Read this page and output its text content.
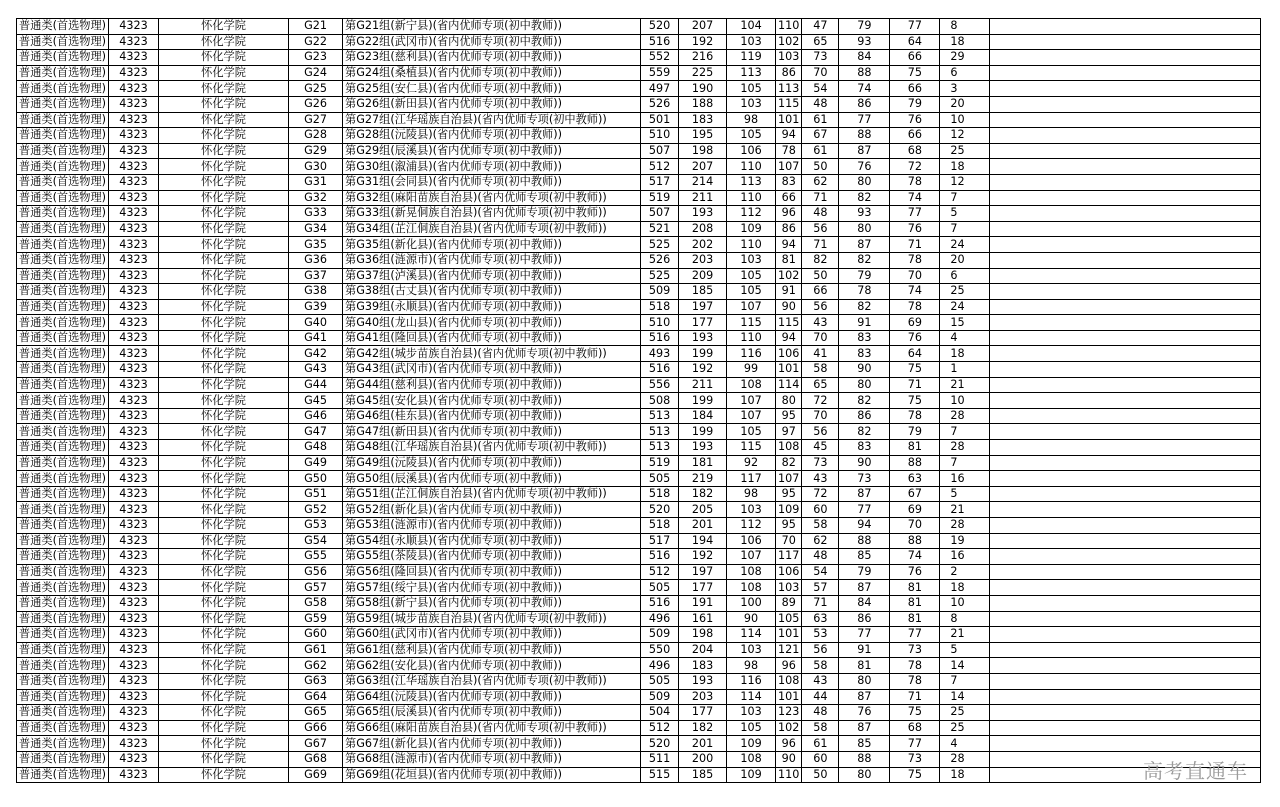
普通类(首选物理)	4323	怀化学院	G21	第G21组(新宁县)(省内优师专项(初中教师))	520	207	104	110	47	79	77	8	
普通类(首选物理)	4323	怀化学院	G22	第G22组(武冈市)(省内优师专项(初中教师))	516	192	103	102	65	93	64	18	
普通类(首选物理)	4323	怀化学院	G23	第G23组(慈利县)(省内优师专项(初中教师))	552	216	119	103	73	84	66	29	
普通类(首选物理)	4323	怀化学院	G24	第G24组(桑植县)(省内优师专项(初中教师))	559	225	113	86	70	88	75	6	
普通类(首选物理)	4323	怀化学院	G25	第G25组(安仁县)(省内优师专项(初中教师))	497	190	105	113	54	74	66	3	
普通类(首选物理)	4323	怀化学院	G26	第G26组(新田县)(省内优师专项(初中教师))	526	188	103	115	48	86	79	20	
普通类(首选物理)	4323	怀化学院	G27	第G27组(江华瑶族自治县)(省内优师专项(初中教师))	501	183	98	101	61	77	76	10	
普通类(首选物理)	4323	怀化学院	G28	第G28组(沅陵县)(省内优师专项(初中教师))	510	195	105	94	67	88	66	12	
普通类(首选物理)	4323	怀化学院	G29	第G29组(辰溪县)(省内优师专项(初中教师))	507	198	106	78	61	87	68	25	
普通类(首选物理)	4323	怀化学院	G30	第G30组(溆浦县)(省内优师专项(初中教师))	512	207	110	107	50	76	72	18	
普通类(首选物理)	4323	怀化学院	G31	第G31组(会同县)(省内优师专项(初中教师))	517	214	113	83	62	80	78	12	
普通类(首选物理)	4323	怀化学院	G32	第G32组(麻阳苗族自治县)(省内优师专项(初中教师))	519	211	110	66	71	82	74	7	
普通类(首选物理)	4323	怀化学院	G33	第G33组(新晃侗族自治县)(省内优师专项(初中教师))	507	193	112	96	48	93	77	5	
普通类(首选物理)	4323	怀化学院	G34	第G34组(芷江侗族自治县)(省内优师专项(初中教师))	521	208	109	86	56	80	76	7	
普通类(首选物理)	4323	怀化学院	G35	第G35组(新化县)(省内优师专项(初中教师))	525	202	110	94	71	87	71	24	
普通类(首选物理)	4323	怀化学院	G36	第G36组(涟源市)(省内优师专项(初中教师))	526	203	103	81	82	82	78	20	
普通类(首选物理)	4323	怀化学院	G37	第G37组(泸溪县)(省内优师专项(初中教师))	525	209	105	102	50	79	70	6	
普通类(首选物理)	4323	怀化学院	G38	第G38组(古丈县)(省内优师专项(初中教师))	509	185	105	91	66	78	74	25	
普通类(首选物理)	4323	怀化学院	G39	第G39组(永顺县)(省内优师专项(初中教师))	518	197	107	90	56	82	78	24	
普通类(首选物理)	4323	怀化学院	G40	第G40组(龙山县)(省内优师专项(初中教师))	510	177	115	115	43	91	69	15	
普通类(首选物理)	4323	怀化学院	G41	第G41组(隆回县)(省内优师专项(初中教师))	516	193	110	94	70	83	76	4	
普通类(首选物理)	4323	怀化学院	G42	第G42组(城步苗族自治县)(省内优师专项(初中教师))	493	199	116	106	41	83	64	18	
普通类(首选物理)	4323	怀化学院	G43	第G43组(武冈市)(省内优师专项(初中教师))	516	192	99	101	58	90	75	1	
普通类(首选物理)	4323	怀化学院	G44	第G44组(慈利县)(省内优师专项(初中教师))	556	211	108	114	65	80	71	21	
普通类(首选物理)	4323	怀化学院	G45	第G45组(安化县)(省内优师专项(初中教师))	508	199	107	80	72	82	75	10	
普通类(首选物理)	4323	怀化学院	G46	第G46组(桂东县)(省内优师专项(初中教师))	513	184	107	95	70	86	78	28	
普通类(首选物理)	4323	怀化学院	G47	第G47组(新田县)(省内优师专项(初中教师))	513	199	105	97	56	82	79	7	
普通类(首选物理)	4323	怀化学院	G48	第G48组(江华瑶族自治县)(省内优师专项(初中教师))	513	193	115	108	45	83	81	28	
普通类(首选物理)	4323	怀化学院	G49	第G49组(沅陵县)(省内优师专项(初中教师))	519	181	92	82	73	90	88	7	
普通类(首选物理)	4323	怀化学院	G50	第G50组(辰溪县)(省内优师专项(初中教师))	505	219	117	107	43	73	63	16	
普通类(首选物理)	4323	怀化学院	G51	第G51组(芷江侗族自治县)(省内优师专项(初中教师))	518	182	98	95	72	87	67	5	
普通类(首选物理)	4323	怀化学院	G52	第G52组(新化县)(省内优师专项(初中教师))	520	205	103	109	60	77	69	21	
普通类(首选物理)	4323	怀化学院	G53	第G53组(涟源市)(省内优师专项(初中教师))	518	201	112	95	58	94	70	28	
普通类(首选物理)	4323	怀化学院	G54	第G54组(永顺县)(省内优师专项(初中教师))	517	194	106	70	62	88	88	19	
普通类(首选物理)	4323	怀化学院	G55	第G55组(茶陵县)(省内优师专项(初中教师))	516	192	107	117	48	85	74	16	
普通类(首选物理)	4323	怀化学院	G56	第G56组(隆回县)(省内优师专项(初中教师))	512	197	108	106	54	79	76	2	
普通类(首选物理)	4323	怀化学院	G57	第G57组(绥宁县)(省内优师专项(初中教师))	505	177	108	103	57	87	81	18	
普通类(首选物理)	4323	怀化学院	G58	第G58组(新宁县)(省内优师专项(初中教师))	516	191	100	89	71	84	81	10	
普通类(首选物理)	4323	怀化学院	G59	第G59组(城步苗族自治县)(省内优师专项(初中教师))	496	161	90	105	63	86	81	8	
普通类(首选物理)	4323	怀化学院	G60	第G60组(武冈市)(省内优师专项(初中教师))	509	198	114	101	53	77	77	21	
普通类(首选物理)	4323	怀化学院	G61	第G61组(慈利县)(省内优师专项(初中教师))	550	204	103	121	56	91	73	5	
普通类(首选物理)	4323	怀化学院	G62	第G62组(安化县)(省内优师专项(初中教师))	496	183	98	96	58	81	78	14	
普通类(首选物理)	4323	怀化学院	G63	第G63组(江华瑶族自治县)(省内优师专项(初中教师))	505	193	116	108	43	80	78	7	
普通类(首选物理)	4323	怀化学院	G64	第G64组(沅陵县)(省内优师专项(初中教师))	509	203	114	101	44	87	71	14	
普通类(首选物理)	4323	怀化学院	G65	第G65组(辰溪县)(省内优师专项(初中教师))	504	177	103	123	48	76	75	25	
普通类(首选物理)	4323	怀化学院	G66	第G66组(麻阳苗族自治县)(省内优师专项(初中教师))	512	182	105	102	58	87	68	25	
普通类(首选物理)	4323	怀化学院	G67	第G67组(新化县)(省内优师专项(初中教师))	520	201	109	96	61	85	77	4	
普通类(首选物理)	4323	怀化学院	G68	第G68组(涟源市)(省内优师专项(初中教师))	511	200	108	90	60	88	73	28	
普通类(首选物理)	4323	怀化学院	G69	第G69组(花垣县)(省内优师专项(初中教师))	515	185	109	110	50	80	75	18		高考直通车
